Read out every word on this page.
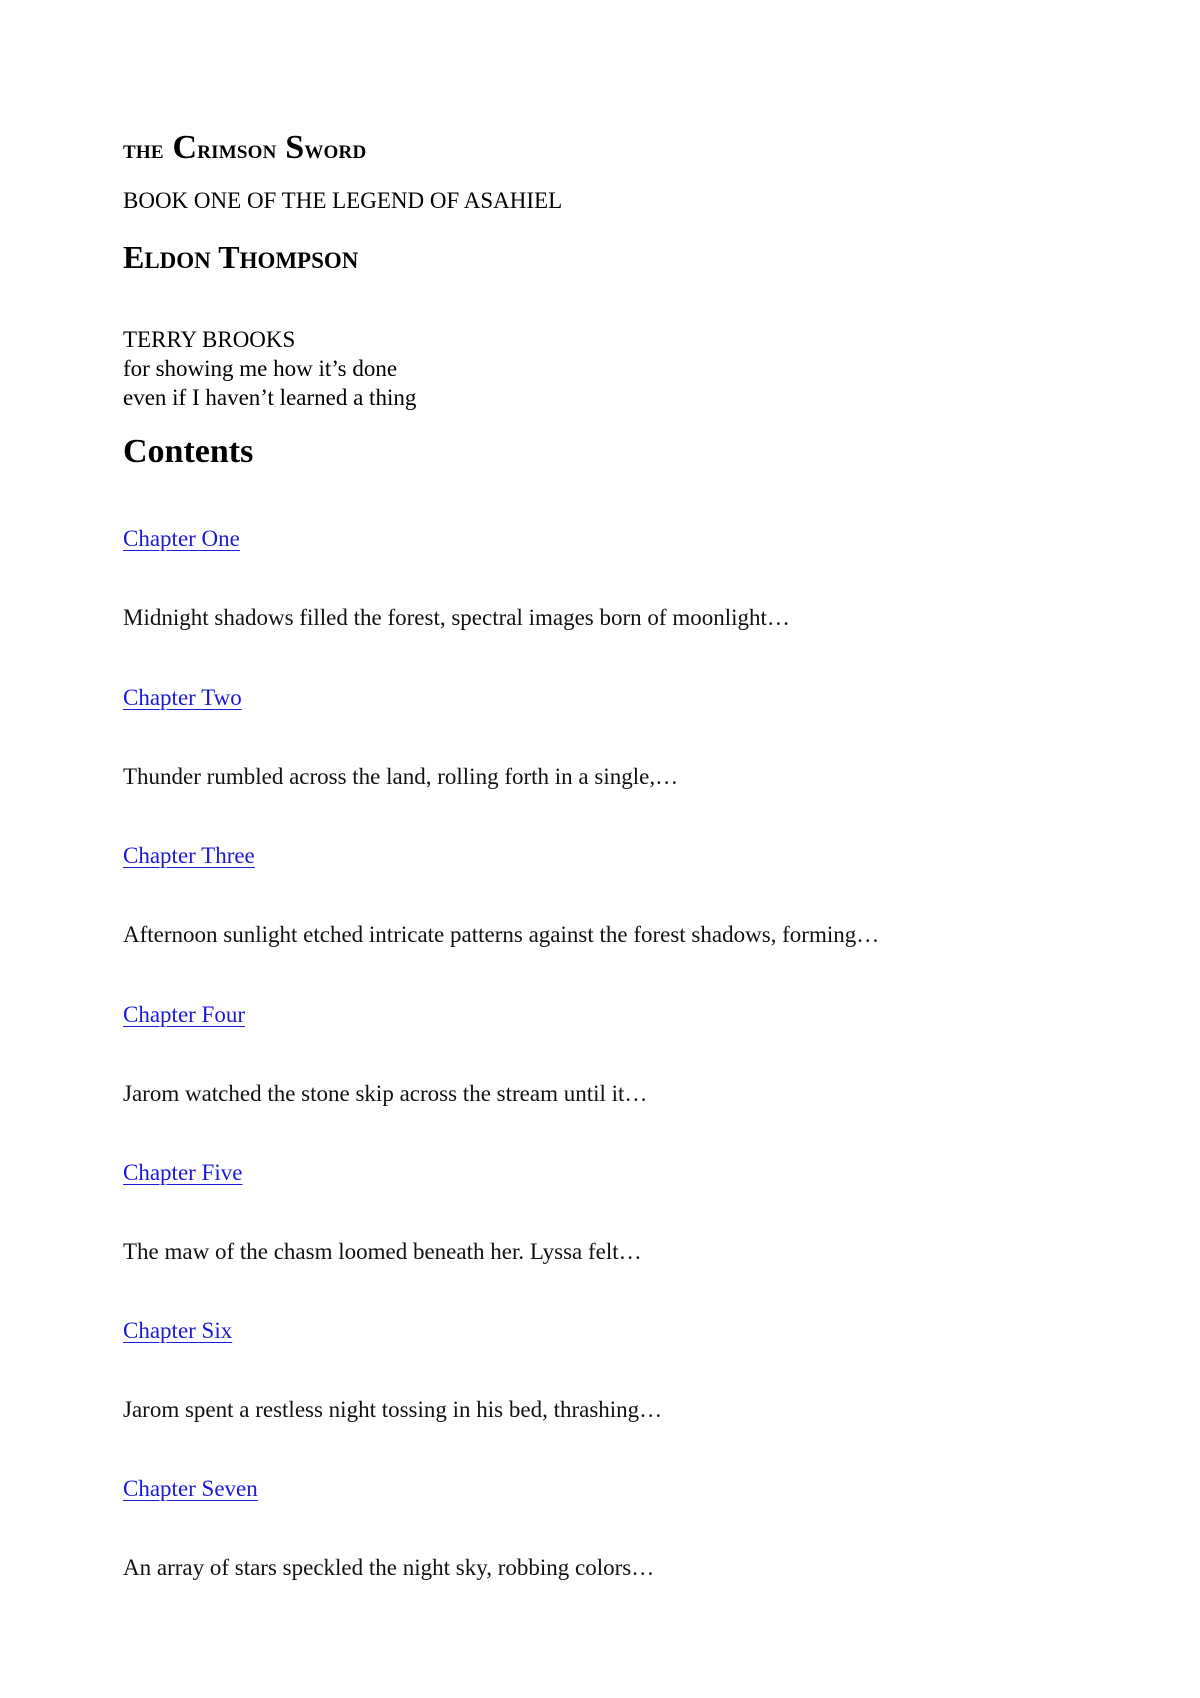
THE CRIMSON SWORD
BOOK ONE OF THE LEGEND OF ASAHIEL
ELDON THOMPSON
TERRY BROOKS
for showing me how it’s done
even if I haven’t learned a thing
Contents
Chapter One
Midnight shadows filled the forest, spectral images born of moonlight…
Chapter Two
Thunder rumbled across the land, rolling forth in a single,…
Chapter Three
Afternoon sunlight etched intricate patterns against the forest shadows, forming…
Chapter Four
Jarom watched the stone skip across the stream until it…
Chapter Five
The maw of the chasm loomed beneath her. Lyssa felt…
Chapter Six
Jarom spent a restless night tossing in his bed, thrashing…
Chapter Seven
An array of stars speckled the night sky, robbing colors…
